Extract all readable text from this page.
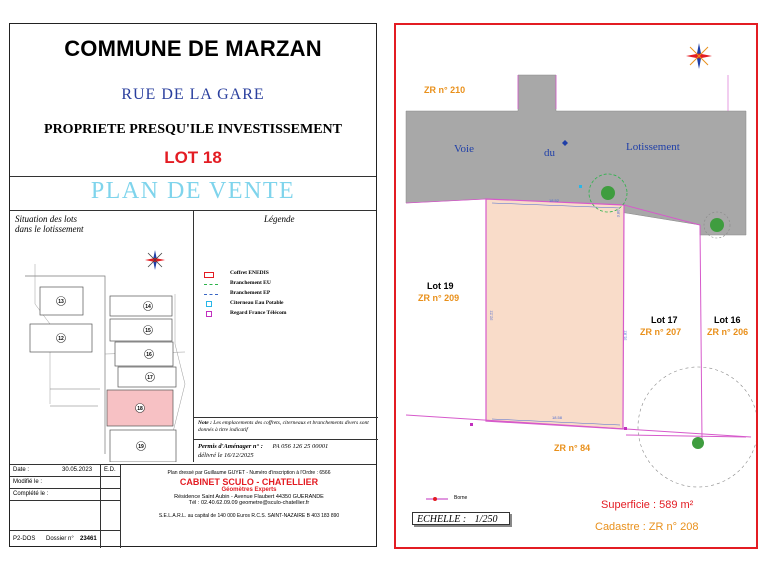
COMMUNE DE MARZAN
RUE DE LA GARE
PROPRIETE PRESQU'ILE INVESTISSEMENT
LOT 18
PLAN DE VENTE
Situation des lots
dans le lotissement
13
14
15
12
16
17
18
19
Légende
Coffret ENEDIS
Branchement EU
Branchement EP
Citerneau Eau Potable
Regard France Télécom
Note : Les emplacements des coffrets, citerneaux et branchements divers sont donnés à titre indicatif
Permis d'Aménager n° : PA 056 126 25 00001
délivré le 16/12/2025
Date :	30.05.2023 E.D.
Modifié le :
Complété le :
P2-DOS Dossier n° 23461
Plan dressé par Guillaume GUYET - Numéro d'inscription à l'Ordre : 6566
CABINET SCULO - CHATELLIER
Géomètres Experts
Résidence Saint Aubin - Avenue Flaubert 44350 GUERANDE
Tél : 02.40.62.09.09 geometre@sculo-chatellier.fr
S.E.L.A.R.L. au capital de 140 000 Euros R.C.S. SAINT-NAZAIRE B 403 183 890
ZR n° 210
Voie	du	Lotissement
Lot 19
ZR n° 209
Lot 17
ZR n° 207
Lot 16
ZR n° 206
ZR n° 84
18.52
18.58
32.22
31.82
3.80
Borne
ECHELLE : 1/250
Superficie : 589 m²
Cadastre : ZR n° 208
